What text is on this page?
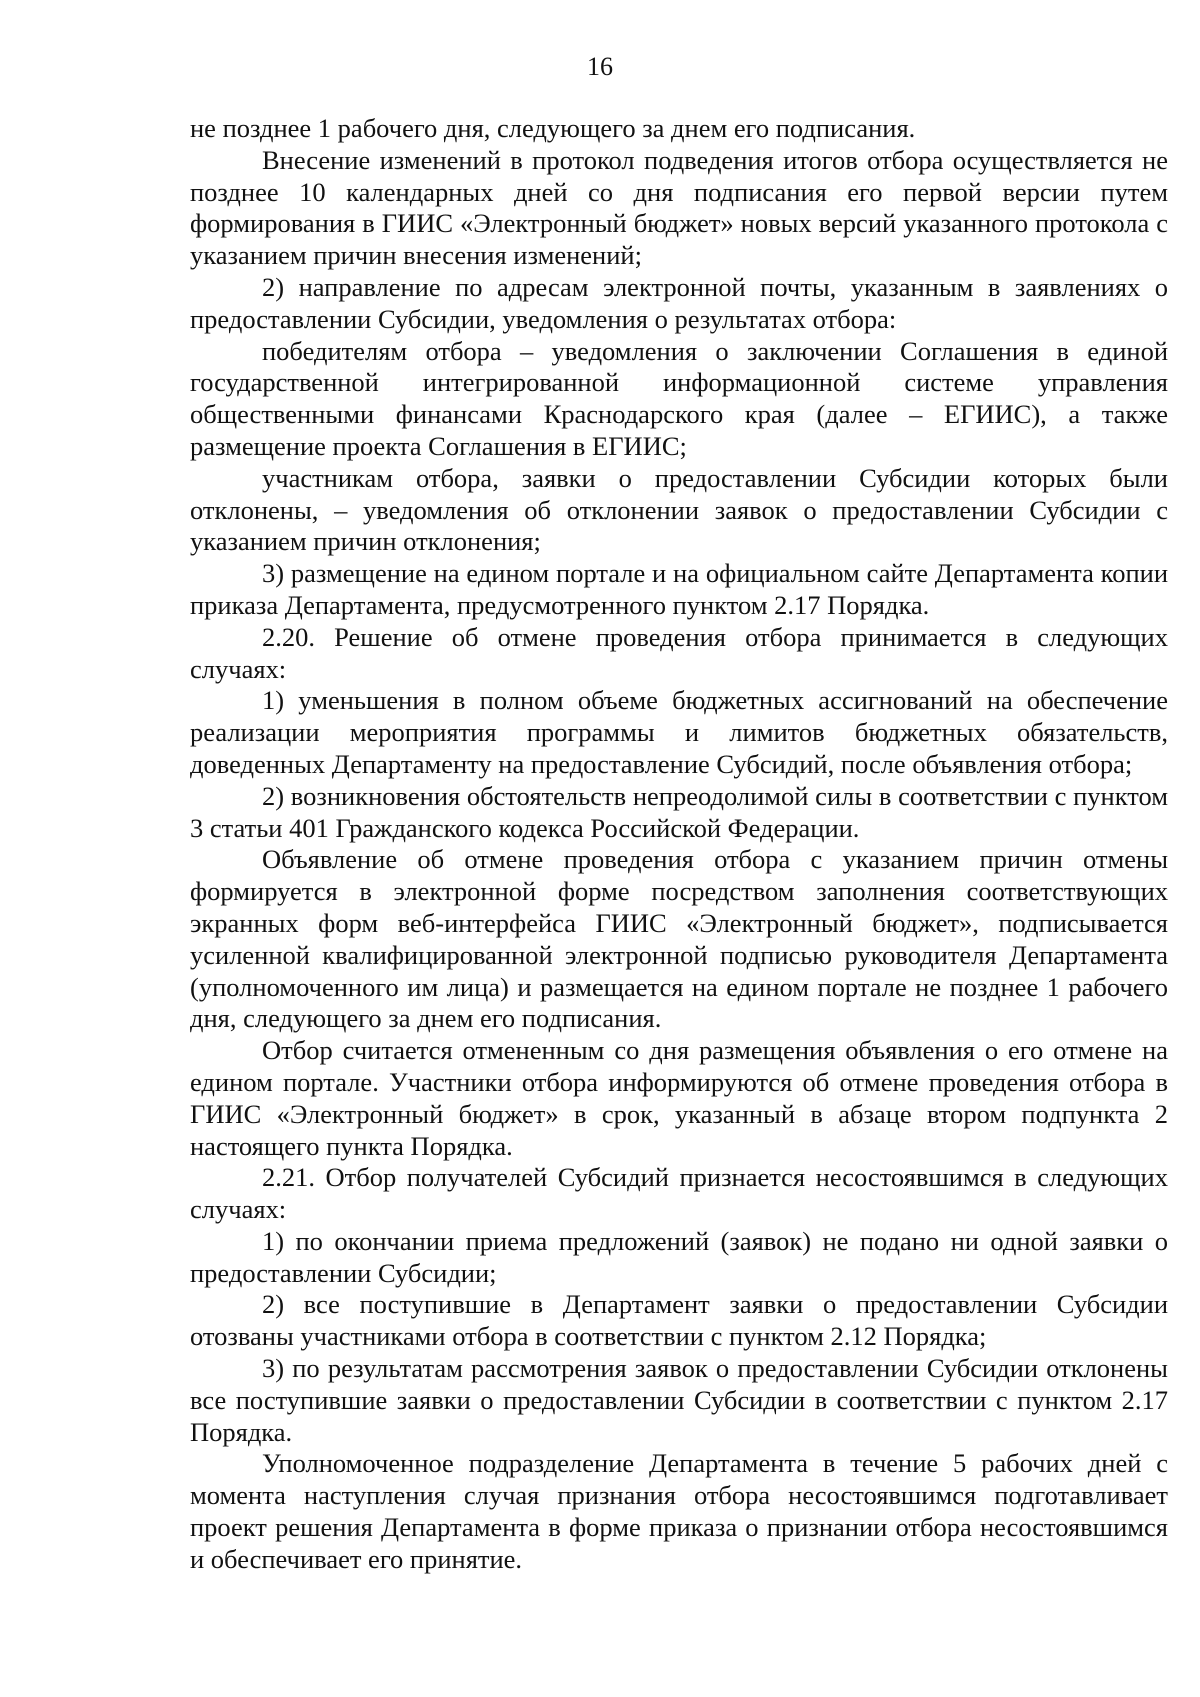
16

не позднее 1 рабочего дня, следующего за днем его подписания.

Внесение изменений в протокол подведения итогов отбора осуществляется не позднее 10 календарных дней со дня подписания его первой версии путем формирования в ГИИС «Электронный бюджет» новых версий указанного протокола с указанием причин внесения изменений;

2) направление по адресам электронной почты, указанным в заявлениях о предоставлении Субсидии, уведомления о результатах отбора:

победителям отбора – уведомления о заключении Соглашения в единой государственной интегрированной информационной системе управления общественными финансами Краснодарского края (далее – ЕГИИС), а также размещение проекта Соглашения в ЕГИИС;

участникам отбора, заявки о предоставлении Субсидии которых были отклонены, – уведомления об отклонении заявок о предоставлении Субсидии с указанием причин отклонения;

3) размещение на едином портале и на официальном сайте Департамента копии приказа Департамента, предусмотренного пунктом 2.17 Порядка.

2.20. Решение об отмене проведения отбора принимается в следующих случаях:

1) уменьшения в полном объеме бюджетных ассигнований на обеспечение реализации мероприятия программы и лимитов бюджетных обязательств, доведенных Департаменту на предоставление Субсидий, после объявления отбора;

2) возникновения обстоятельств непреодолимой силы в соответствии с пунктом 3 статьи 401 Гражданского кодекса Российской Федерации.

Объявление об отмене проведения отбора с указанием причин отмены формируется в электронной форме посредством заполнения соответствующих экранных форм веб-интерфейса ГИИС «Электронный бюджет», подписывается усиленной квалифицированной электронной подписью руководителя Департамента (уполномоченного им лица) и размещается на едином портале не позднее 1 рабочего дня, следующего за днем его подписания.

Отбор считается отмененным со дня размещения объявления о его отмене на едином портале. Участники отбора информируются об отмене проведения отбора в ГИИС «Электронный бюджет» в срок, указанный в абзаце втором подпункта 2 настоящего пункта Порядка.

2.21. Отбор получателей Субсидий признается несостоявшимся в следующих случаях:

1) по окончании приема предложений (заявок) не подано ни одной заявки о предоставлении Субсидии;

2) все поступившие в Департамент заявки о предоставлении Субсидии отозваны участниками отбора в соответствии с пунктом 2.12 Порядка;

3) по результатам рассмотрения заявок о предоставлении Субсидии отклонены все поступившие заявки о предоставлении Субсидии в соответствии с пунктом 2.17 Порядка.

Уполномоченное подразделение Департамента в течение 5 рабочих дней с момента наступления случая признания отбора несостоявшимся подготавливает проект решения Департамента в форме приказа о признании отбора несостоявшимся и обеспечивает его принятие.
